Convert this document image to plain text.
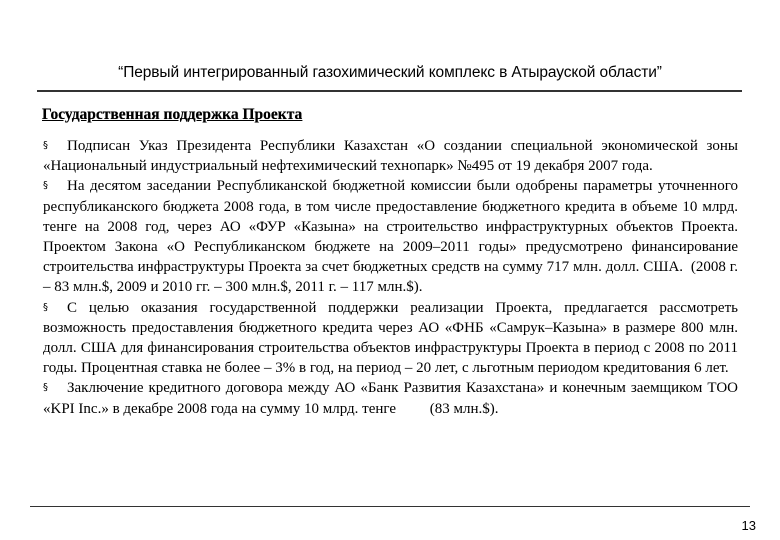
“Первый интегрированный газохимический комплекс в Атырауской области”
Государственная поддержка Проекта

§ Подписан Указ Президента Республики Казахстан «О создании специальной экономической зоны «Национальный индустриальный нефтехимический технопарк» №495 от 19 декабря 2007 года.

§ На десятом заседании Республиканской бюджетной комиссии были одобрены параметры уточненного республиканского бюджета 2008 года, в том числе предоставление бюджетного кредита в объеме 10 млрд. тенге на 2008 год, через АО «ФУР «Казына» на строительство инфраструктурных объектов Проекта. Проектом Закона «О Республиканском бюджете на 2009–2011 годы» предусмотрено финансирование строительства инфраструктуры Проекта за счет бюджетных средств на сумму 717 млн. долл. США. (2008 г. – 83 млн.$, 2009 и 2010 гг. – 300 млн.$, 2011 г. – 117 млн.$).

§ С целью оказания государственной поддержки реализации Проекта, предлагается рассмотреть возможность предоставления бюджетного кредита через АО «ФНБ «Самрук–Казына» в размере 800 млн. долл. США для финансирования строительства объектов инфраструктуры Проекта в период с 2008 по 2011 годы. Процентная ставка не более – 3% в год, на период – 20 лет, с льготным периодом кредитования 6 лет.

§ Заключение кредитного договора между АО «Банк Развития Казахстана» и конечным заемщиком ТОО «KPI Inc.» в декабре 2008 года на сумму 10 млрд. тенге (83 млн.$).

13
